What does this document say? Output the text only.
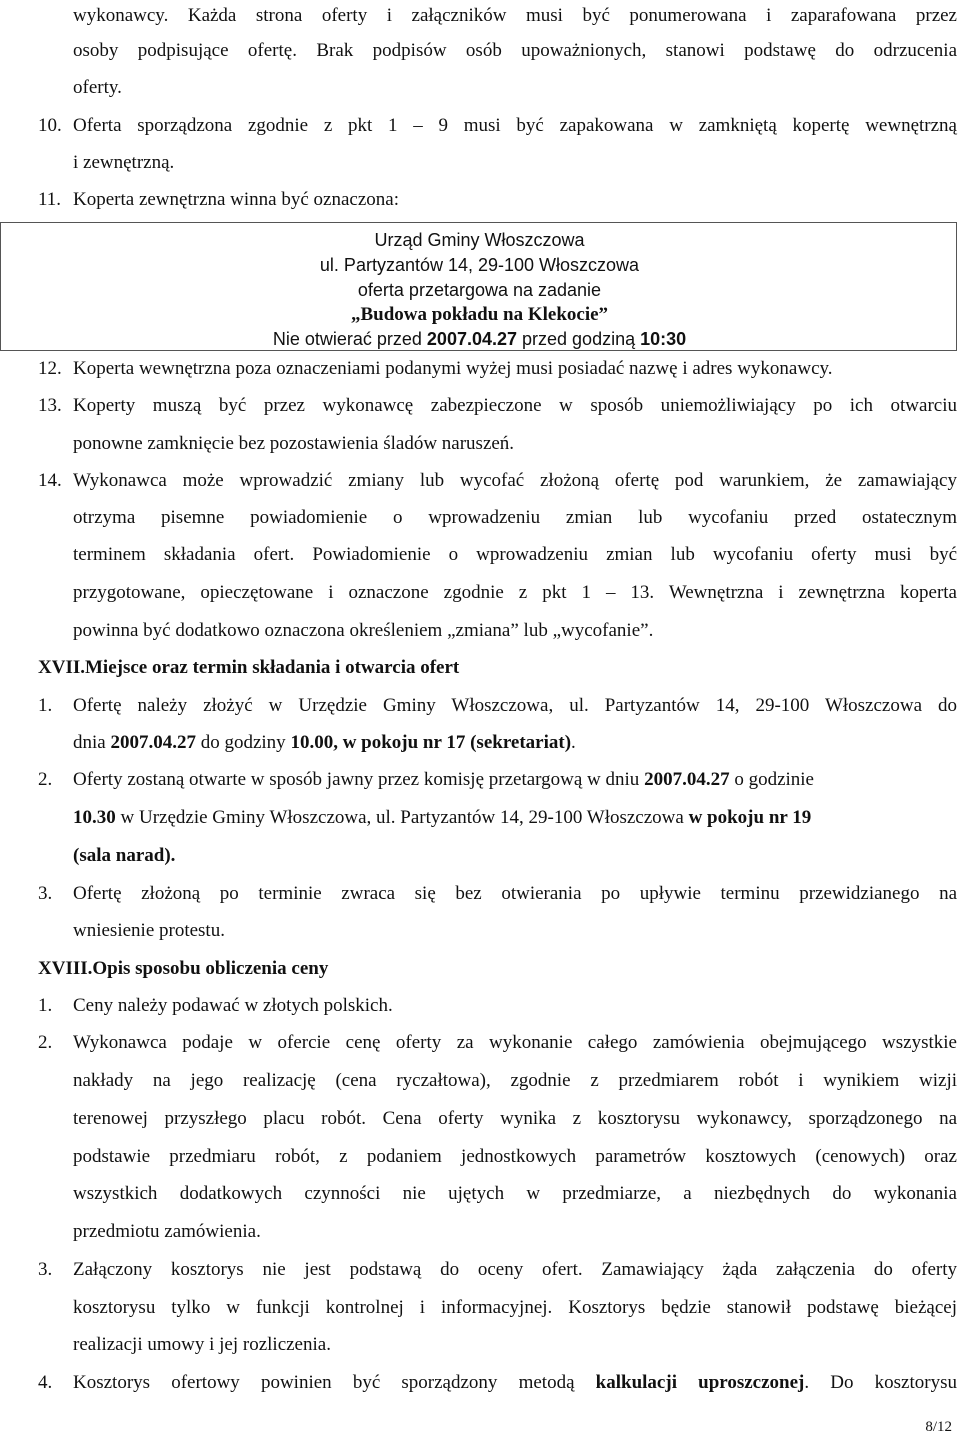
wykonawcy. Każda strona oferty i załączników musi być ponumerowana i zaparafowana przez
osoby podpisujące ofertę. Brak podpisów osób upoważnionych, stanowi podstawę do odrzucenia
oferty.
10. Oferta sporządzona zgodnie z pkt 1 – 9 musi być zapakowana w zamkniętą kopertę wewnętrzną
i zewnętrzną.
11. Koperta zewnętrzna winna być oznaczona:
Urząd Gminy Włoszczowa
ul. Partyzantów 14, 29-100 Włoszczowa
oferta przetargowa na zadanie
„Budowa pokładu na Klekocie”
Nie otwierać przed 2007.04.27 przed godziną 10:30
12. Koperta wewnętrzna poza oznaczeniami podanymi wyżej musi posiadać nazwę i adres wykonawcy.
13. Koperty muszą być przez wykonawcę zabezpieczone w sposób uniemożliwiający po ich otwarciu
ponowne zamknięcie bez pozostawienia śladów naruszeń.
14. Wykonawca może wprowadzić zmiany lub wycofać złożoną ofertę pod warunkiem, że zamawiający
otrzyma pisemne powiadomienie o wprowadzeniu zmian lub wycofaniu przed ostatecznym
terminem składania ofert. Powiadomienie o wprowadzeniu zmian lub wycofaniu oferty musi być
przygotowane, opieczętowane i oznaczone zgodnie z pkt 1 – 13. Wewnętrzna i zewnętrzna koperta
powinna być dodatkowo oznaczona określeniem „zmiana” lub „wycofanie”.
XVII.Miejsce oraz termin składania i otwarcia ofert
1. Ofertę należy złożyć w Urzędzie Gminy Włoszczowa, ul. Partyzantów 14, 29-100 Włoszczowa do
dnia 2007.04.27 do godziny 10.00, w pokoju nr 17 (sekretariat).
2. Oferty zostaną otwarte w sposób jawny przez komisję przetargową w dniu 2007.04.27 o godzinie
10.30 w Urzędzie Gminy Włoszczowa, ul. Partyzantów 14, 29-100 Włoszczowa w pokoju nr 19
(sala narad).
3. Ofertę złożoną po terminie zwraca się bez otwierania po upływie terminu przewidzianego na
wniesienie protestu.
XVIII.Opis sposobu obliczenia ceny
1. Ceny należy podawać w złotych polskich.
2. Wykonawca podaje w ofercie cenę oferty za wykonanie całego zamówienia obejmującego wszystkie
nakłady na jego realizację (cena ryczałtowa), zgodnie z przedmiarem robót i wynikiem wizji
terenowej przyszłego placu robót. Cena oferty wynika z kosztorysu wykonawcy, sporządzonego na
podstawie przedmiaru robót, z podaniem jednostkowych parametrów kosztowych (cenowych) oraz
wszystkich dodatkowych czynności nie ujętych w przedmiarze, a niezbędnych do wykonania
przedmiotu zamówienia.
3. Załączony kosztorys nie jest podstawą do oceny ofert. Zamawiający żąda załączenia do oferty
kosztorysu tylko w funkcji kontrolnej i informacyjnej. Kosztorys będzie stanowił podstawę bieżącej
realizacji umowy i jej rozliczenia.
4. Kosztorys ofertowy powinien być sporządzony metodą kalkulacji uproszczonej. Do kosztorysu
8/12
